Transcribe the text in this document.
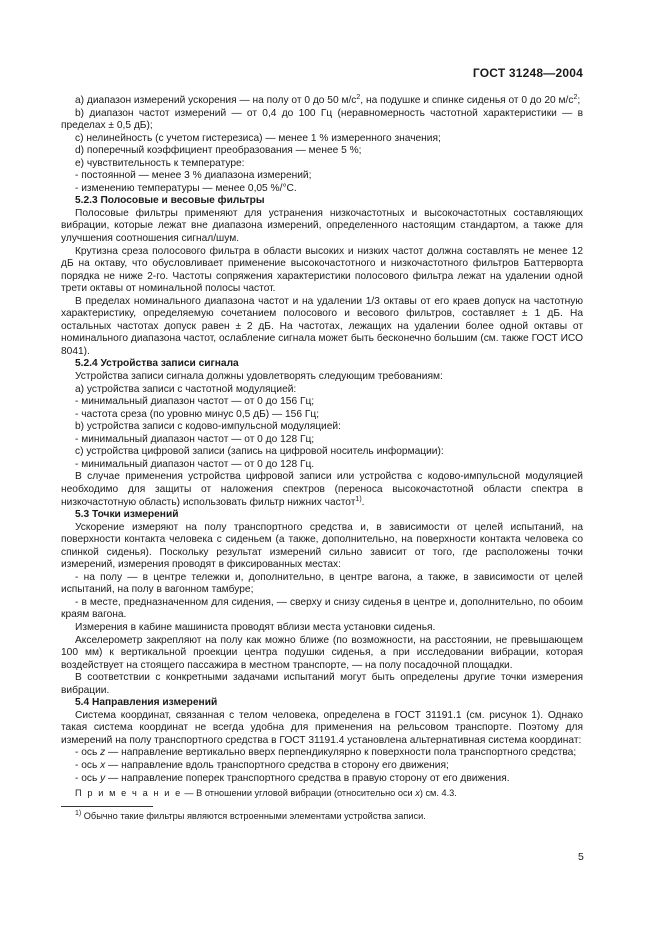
ГОСТ 31248—2004

a) диапазон измерений ускорения — на полу от 0 до 50 $м/с^2$, на подушке и спинке сиденья от 0 до 20 $м/с^2$;

b) диапазон частот измерений — от 0,4 до 100 Гц (неравномерность частотной характеристики — в пределах ± 0,5 дБ);

c) нелинейность (с учетом гистерезиса) — менее 1 % измеренного значения;

d) поперечный коэффициент преобразования — менее 5 %;

e) чувствительность к температуре:

- постоянной — менее 3 % диапазона измерений;

- изменению температуры — менее 0,05 %/°С.

5.2.3 Полосовые и весовые фильтры

Полосовые фильтры применяют для устранения низкочастотных и высокочастотных составляющих вибрации, которые лежат вне диапазона измерений, определенного настоящим стандартом, а также для улучшения соотношения сигнал/шум.

Крутизна среза полосового фильтра в области высоких и низких частот должна составлять не менее 12 дБ на октаву, что обусловливает применение высокочастотного и низкочастотного фильтров Баттерворта порядка не ниже 2-го. Частоты сопряжения характеристики полосового фильтра лежат на удалении одной трети октавы от номинальной полосы частот.

В пределах номинального диапазона частот и на удалении 1/3 октавы от его краев допуск на частотную характеристику, определяемую сочетанием полосового и весового фильтров, составляет ± 1 дБ. На остальных частотах допуск равен ± 2 дБ. На частотах, лежащих на удалении более одной октавы от номинального диапазона частот, ослабление сигнала может быть бесконечно большим (см. также ГОСТ ИСО 8041).

5.2.4 Устройства записи сигнала

Устройства записи сигнала должны удовлетворять следующим требованиям:

a) устройства записи с частотной модуляцией:

- минимальный диапазон частот — от 0 до 156 Гц;

- частота среза (по уровню минус 0,5 дБ) — 156 Гц;

b) устройства записи с кодово-импульсной модуляцией:

- минимальный диапазон частот — от 0 до 128 Гц;

c) устройства цифровой записи (запись на цифровой носитель информации):

- минимальный диапазон частот — от 0 до 128 Гц.

В случае применения устройства цифровой записи или устройства с кодово-импульсной модуляцией необходимо для защиты от наложения спектров (переноса высокочастотной области спектра в низкочастотную область) использовать фильтр нижних частот$^{1)}$.

5.3 Точки измерений

Ускорение измеряют на полу транспортного средства и, в зависимости от целей испытаний, на поверхности контакта человека с сиденьем (а также, дополнительно, на поверхности контакта человека со спинкой сиденья). Поскольку результат измерений сильно зависит от того, где расположены точки измерений, измерения проводят в фиксированных местах:

- на полу — в центре тележки и, дополнительно, в центре вагона, а также, в зависимости от целей испытаний, на полу в вагонном тамбуре;

- в месте, предназначенном для сидения, — сверху и снизу сиденья в центре и, дополнительно, по обоим краям вагона.

Измерения в кабине машиниста проводят вблизи места установки сиденья.

Акселерометр закрепляют на полу как можно ближе (по возможности, на расстоянии, не превышающем 100 мм) к вертикальной проекции центра подушки сиденья, а при исследовании вибрации, которая воздействует на стоящего пассажира в местном транспорте, — на полу посадочной площадки.

В соответствии с конкретными задачами испытаний могут быть определены другие точки измерения вибрации.

5.4 Направления измерений

Система координат, связанная с телом человека, определена в ГОСТ 31191.1 (см. рисунок 1). Однако такая система координат не всегда удобна для применения на рельсовом транспорте. Поэтому для измерений на полу транспортного средства в ГОСТ 31191.4 установлена альтернативная система координат:

- ось z — направление вертикально вверх перпендикулярно к поверхности пола транспортного средства;

- ось x — направление вдоль транспортного средства в сторону его движения;

- ось y — направление поперек транспортного средства в правую сторону от его движения.

П р и м е ч а н и е — В отношении угловой вибрации (относительно оси x) см. 4.3.

$^{1)}$ Обычно такие фильтры являются встроенными элементами устройства записи.

5
